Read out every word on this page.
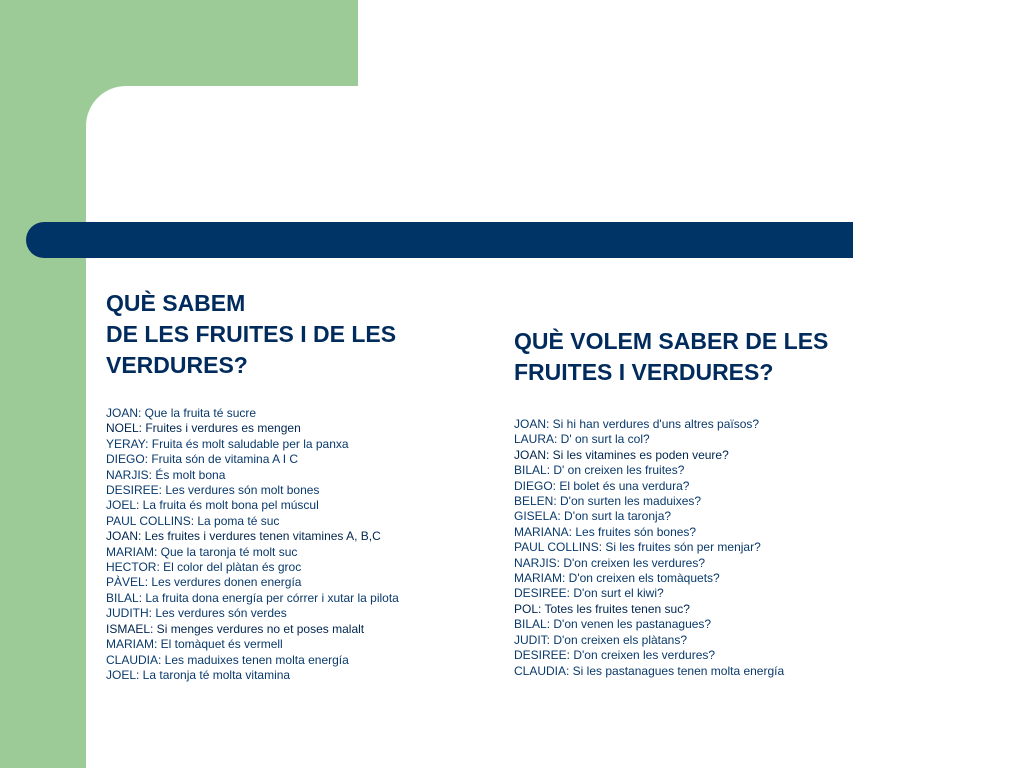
QUÈ SABEM
DE LES FRUITES I DE LES
VERDURES?
JOAN: Que la fruita té sucre
NOEL: Fruites i verdures es mengen
YERAY: Fruita és molt saludable per la panxa
DIEGO: Fruita són de vitamina A I C
NARJIS: És molt bona
DESIREE: Les verdures són molt bones
JOEL: La fruita és molt bona pel múscul
PAUL COLLINS: La poma té suc
JOAN: Les fruites i verdures tenen vitamines A, B,C
MARIAM: Que la taronja té molt suc
HECTOR: El color del plàtan és groc
PÀVEL: Les verdures donen energía
BILAL: La fruita dona energía per córrer i xutar la pilota
JUDITH: Les verdures són verdes
ISMAEL: Si menges verdures no et poses malalt
MARIAM: El tomàquet és vermell
CLAUDIA: Les maduixes tenen molta energía
JOEL: La taronja té molta vitamina
QUÈ VOLEM SABER DE LES
FRUITES I VERDURES?
JOAN: Si hi han verdures d'uns altres països?
LAURA: D' on surt la col?
JOAN: Si les vitamines es poden veure?
BILAL: D' on creixen les fruites?
DIEGO: El bolet és una verdura?
BELEN: D'on surten les maduixes?
GISELA: D'on surt la taronja?
MARIANA: Les fruites són bones?
PAUL COLLINS: Si les fruites són per menjar?
NARJIS: D'on creixen les verdures?
MARIAM: D'on creixen els tomàquets?
DESIREE: D'on surt el kiwi?
POL: Totes les fruites tenen suc?
BILAL: D'on venen les pastanagues?
JUDIT: D'on creixen els plàtans?
DESIREE: D'on creixen les verdures?
CLAUDIA: Si les pastanagues tenen molta energía
